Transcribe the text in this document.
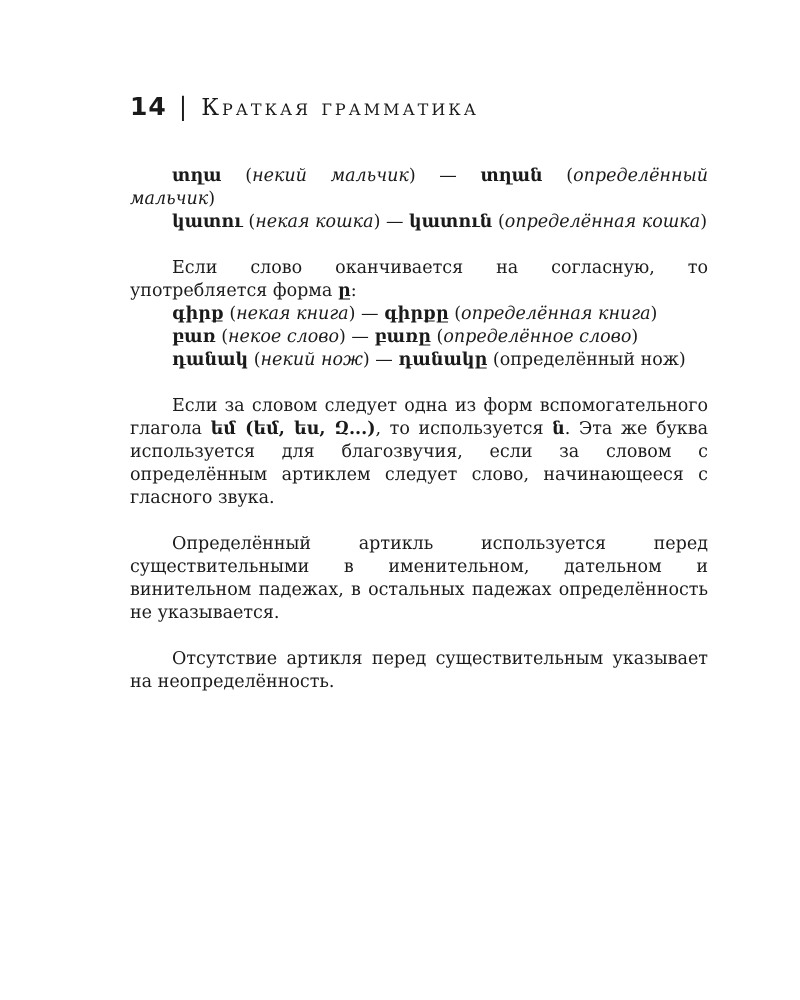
14 | Краткая грамматика

տղա (некий мальчик) — տղան (определённый мальчик)

կատու (некая кошка) — կատուն (определённая кошка)

Если слово оканчивается на согласную, то употребляется форма ը:

գիրք (некая книга) — գիրքը (определённая книга)

բառ (некое слово) — բառը (определённое слово)

դանակ (некий нож) — դանակը (определённый нож)

Если за словом следует одна из форм вспомогательного глагола եմ (եմ, ես, Զ...), то используется ն. Эта же буква используется для благозвучия, если за словом с определённым артиклем следует слово, начинающееся с гласного звука.

Определённый артикль используется перед существительными в именительном, дательном и винительном падежах, в остальных падежах определённость не указывается.

Отсутствие артикля перед существительным указывает на неопределённость.
